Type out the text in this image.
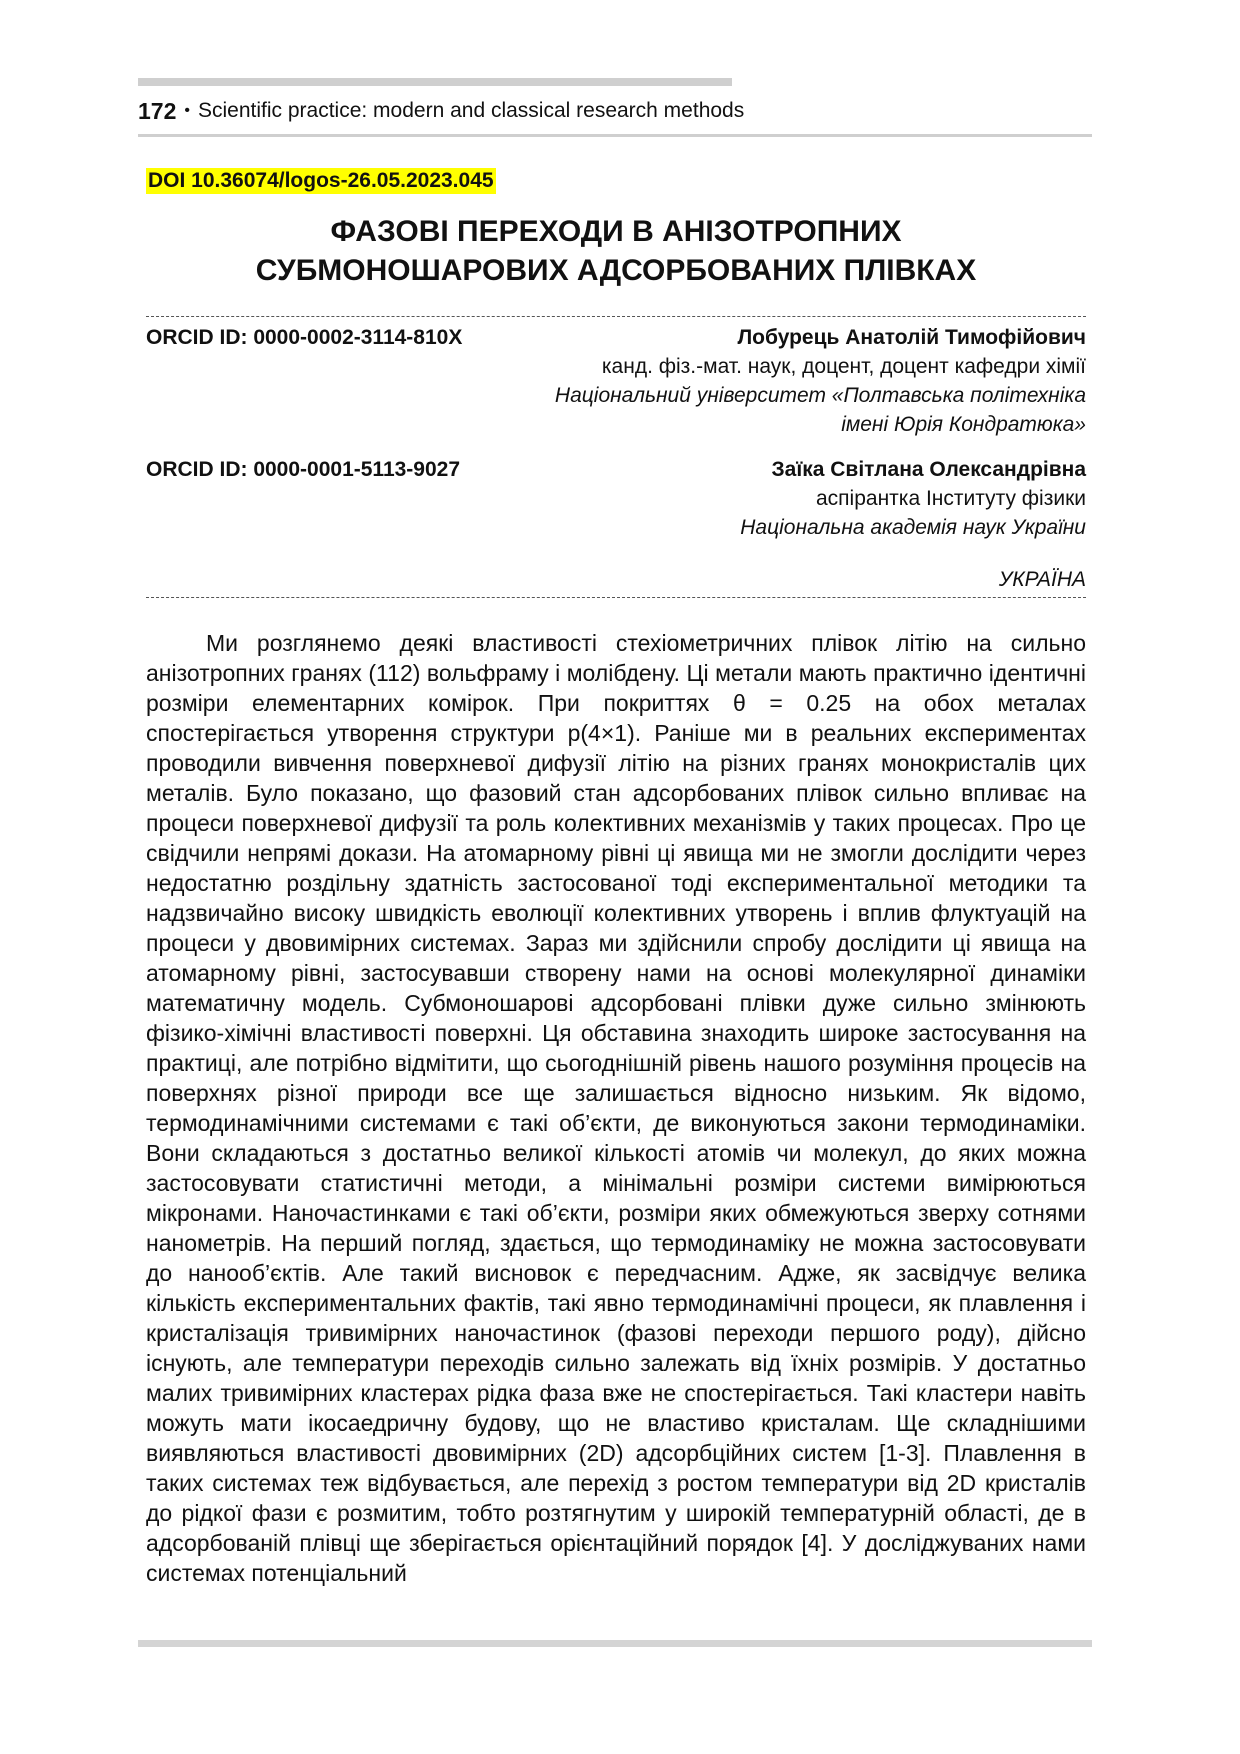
172 • Scientific practice: modern and classical research methods
DOI 10.36074/logos-26.05.2023.045
ФАЗОВІ ПЕРЕХОДИ В АНІЗОТРОПНИХ
СУБМОНОШАРОВИХ АДСОРБОВАНИХ ПЛІВКАХ
ORCID ID: 0000-0002-3114-810X	Лобурець Анатолій Тимофійович
канд. фіз.-мат. наук, доцент, доцент кафедри хімії
Національний університет «Полтавська політехніка
імені Юрія Кондратюка»
ORCID ID: 0000-0001-5113-9027	Заїка Світлана Олександрівна
аспірантка Інституту фізики
Національна академія наук України
УКРАЇНА

Ми розглянемо деякі властивості стехіометричних плівок літію на сильно анізотропних гранях (112) вольфраму і молібдену. Ці метали мають практично ідентичні розміри елементарних комірок. При покриттях θ = 0.25 на обох металах спостерігається утворення структури p(4×1). Раніше ми в реальних експериментах проводили вивчення поверхневої дифузії літію на різних гранях монокристалів цих металів. Було показано, що фазовий стан адсорбованих плівок сильно впливає на процеси поверхневої дифузії та роль колективних механізмів у таких процесах. Про це свідчили непрямі докази. На атомарному рівні ці явища ми не змогли дослідити через недостатню роздільну здатність застосованої тоді експериментальної методики та надзвичайно високу швидкість еволюції колективних утворень і вплив флуктуацій на процеси у двовимірних системах. Зараз ми здійснили спробу дослідити ці явища на атомарному рівні, застосувавши створену нами на основі молекулярної динаміки математичну модель. Субмоношарові адсорбовані плівки дуже сильно змінюють фізико-хімічні властивості поверхні. Ця обставина знаходить широке застосування на практиці, але потрібно відмітити, що сьогоднішній рівень нашого розуміння процесів на поверхнях різної природи все ще залишається відносно низьким. Як відомо, термодинамічними системами є такі об’єкти, де виконуються закони термодинаміки. Вони складаються з достатньо великої кількості атомів чи молекул, до яких можна застосовувати статистичні методи, а мінімальні розміри системи вимірюються мікронами. Наночастинками є такі об’єкти, розміри яких обмежуються зверху сотнями нанометрів. На перший погляд, здається, що термодинаміку не можна застосовувати до нанооб’єктів. Але такий висновок є передчасним. Адже, як засвідчує велика кількість експериментальних фактів, такі явно термодинамічні процеси, як плавлення і кристалізація тривимірних наночастинок (фазові переходи першого роду), дійсно існують, але температури переходів сильно залежать від їхніх розмірів. У достатньо малих тривимірних кластерах рідка фаза вже не спостерігається. Такі кластери навіть можуть мати ікосаедричну будову, що не властиво кристалам. Ще складнішими виявляються властивості двовимірних (2D) адсорбційних систем [1-3]. Плавлення в таких системах теж відбувається, але перехід з ростом температури від 2D кристалів до рідкої фази є розмитим, тобто розтягнутим у широкій температурній області, де в адсорбованій плівці ще зберігається орієнтаційний порядок [4]. У досліджуваних нами системах потенціальний
